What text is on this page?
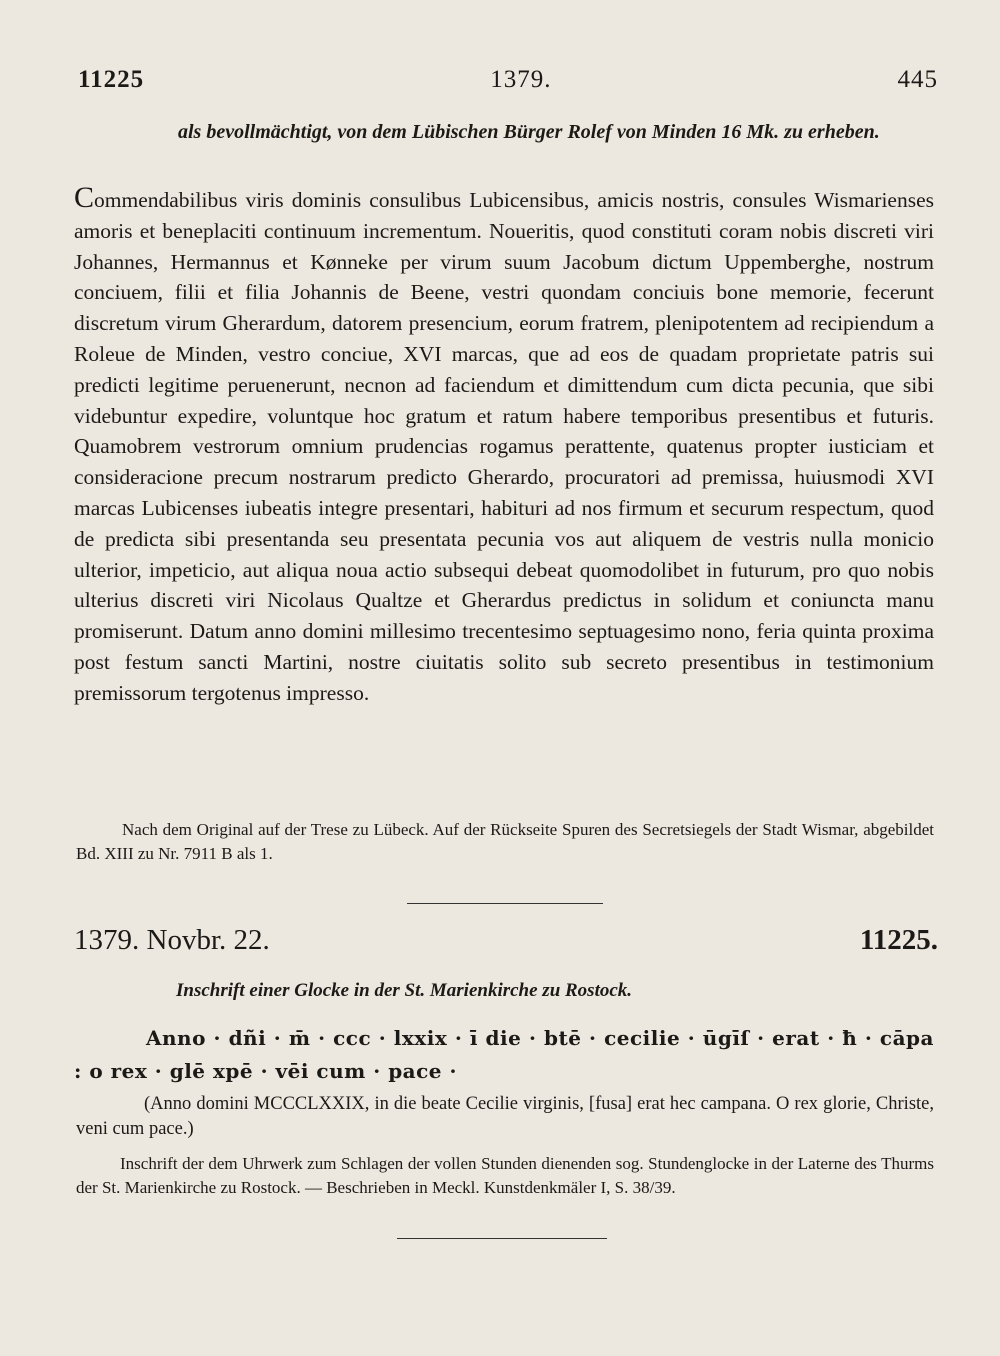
11225	1379.	445

als bevollmächtigt, von dem Lübischen Bürger Rolef von Minden 16 Mk. zu erheben.

Commendabilibus viris dominis consulibus Lubicensibus, amicis nostris, consules Wismarienses amoris et beneplaciti continuum incrementum. Noueritis, quod constituti coram nobis discreti viri Johannes, Hermannus et Kønneke per virum suum Jacobum dictum Uppemberghe, nostrum conciuem, filii et filia Johannis de Beene, vestri quondam conciuis bone memorie, fecerunt discretum virum Gherardum, datorem presencium, eorum fratrem, plenipotentem ad recipiendum a Roleue de Minden, vestro conciue, XVI marcas, que ad eos de quadam proprietate patris sui predicti legitime peruenerunt, necnon ad faciendum et dimittendum cum dicta pecunia, que sibi videbuntur expedire, voluntque hoc gratum et ratum habere temporibus presentibus et futuris. Quamobrem vestrorum omnium prudencias rogamus perattente, quatenus propter iusticiam et consideracione precum nostrarum predicto Gherardo, procuratori ad premissa, huiusmodi XVI marcas Lubicenses iubeatis integre presentari, habituri ad nos firmum et securum respectum, quod de predicta sibi presentanda seu presentata pecunia vos aut aliquem de vestris nulla monicio ulterior, impeticio, aut aliqua noua actio subsequi debeat quomodolibet in futurum, pro quo nobis ulterius discreti viri Nicolaus Qualtze et Gherardus predictus in solidum et coniuncta manu promiserunt. Datum anno domini millesimo trecentesimo septuagesimo nono, feria quinta proxima post festum sancti Martini, nostre ciuitatis solito sub secreto presentibus in testimonium premissorum tergotenus impresso.

Nach dem Original auf der Trese zu Lübeck. Auf der Rückseite Spuren des Secretsiegels der Stadt Wismar, abgebildet Bd. XIII zu Nr. 7911 B als 1.

1379. Novbr. 22.	11225.

Inschrift einer Glocke in der St. Marienkirche zu Rostock.

Anno · dñi · m̄ · ccc · lxxix · ī die · btē · cecilie · ūgīſ · erat · ħ · cāpa : o rex · glē xpē · vēi cum · pace ·

(Anno domini MCCCLXXIX, in die beate Cecilie virginis, [fusa] erat hec campana. O rex glorie, Christe, veni cum pace.)

Inschrift der dem Uhrwerk zum Schlagen der vollen Stunden dienenden sog. Stundenglocke in der Laterne des Thurms der St. Marienkirche zu Rostock. — Beschrieben in Meckl. Kunstdenkmäler I, S. 38/39.
